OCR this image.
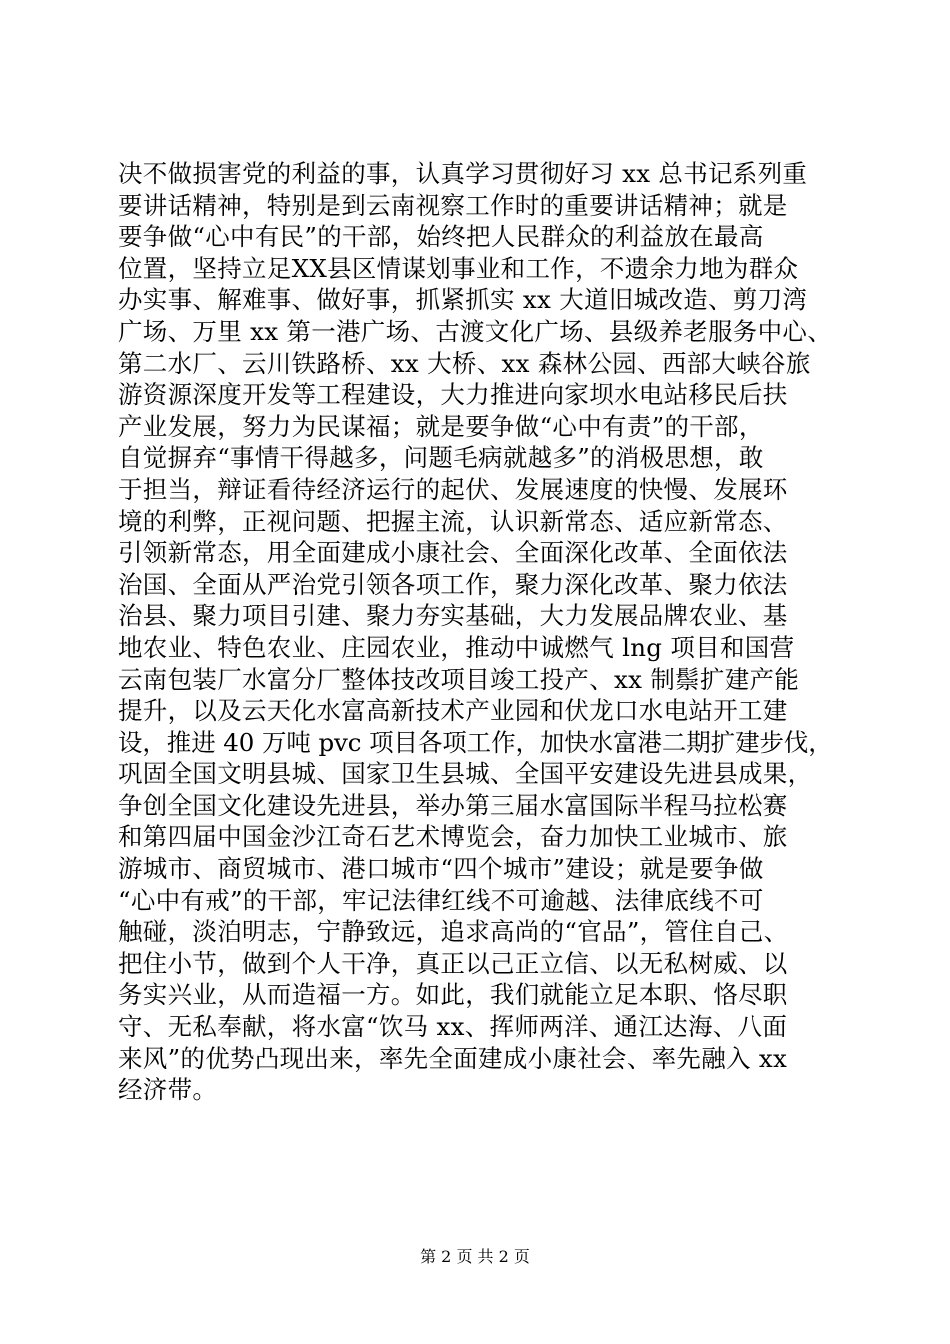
决不做损害党的利益的事，认真学习贯彻好习 xx 总书记系列重
要讲话精神，特别是到云南视察工作时的重要讲话精神；就是
要争做“心中有民”的干部，始终把人民群众的利益放在最高
位置，坚持立足XX县区情谋划事业和工作，不遗余力地为群众
办实事、解难事、做好事，抓紧抓实 xx 大道旧城改造、剪刀湾
广场、万里 xx 第一港广场、古渡文化广场、县级养老服务中心、
第二水厂、云川铁路桥、xx 大桥、xx 森林公园、西部大峡谷旅
游资源深度开发等工程建设，大力推进向家坝水电站移民后扶
产业发展，努力为民谋福；就是要争做“心中有责”的干部，
自觉摒弃“事情干得越多，问题毛病就越多”的消极思想，敢
于担当，辩证看待经济运行的起伏、发展速度的快慢、发展环
境的利弊，正视问题、把握主流，认识新常态、适应新常态、
引领新常态，用全面建成小康社会、全面深化改革、全面依法
治国、全面从严治党引领各项工作，聚力深化改革、聚力依法
治县、聚力项目引建、聚力夯实基础，大力发展品牌农业、基
地农业、特色农业、庄园农业，推动中诚燃气 lng 项目和国营
云南包装厂水富分厂整体技改项目竣工投产、xx 制鬃扩建产能
提升，以及云天化水富高新技术产业园和伏龙口水电站开工建
设，推进 40 万吨 pvc 项目各项工作，加快水富港二期扩建步伐，
巩固全国文明县城、国家卫生县城、全国平安建设先进县成果，
争创全国文化建设先进县，举办第三届水富国际半程马拉松赛
和第四届中国金沙江奇石艺术博览会，奋力加快工业城市、旅
游城市、商贸城市、港口城市“四个城市”建设；就是要争做
“心中有戒”的干部，牢记法律红线不可逾越、法律底线不可
触碰，淡泊明志，宁静致远，追求高尚的“官品”，管住自己、
把住小节，做到个人干净，真正以己正立信、以无私树威、以
务实兴业，从而造福一方。如此，我们就能立足本职、恪尽职
守、无私奉献，将水富“饮马 xx、挥师两洋、通江达海、八面
来风”的优势凸现出来，率先全面建成小康社会、率先融入 xx
经济带。
第 2 页 共 2 页
